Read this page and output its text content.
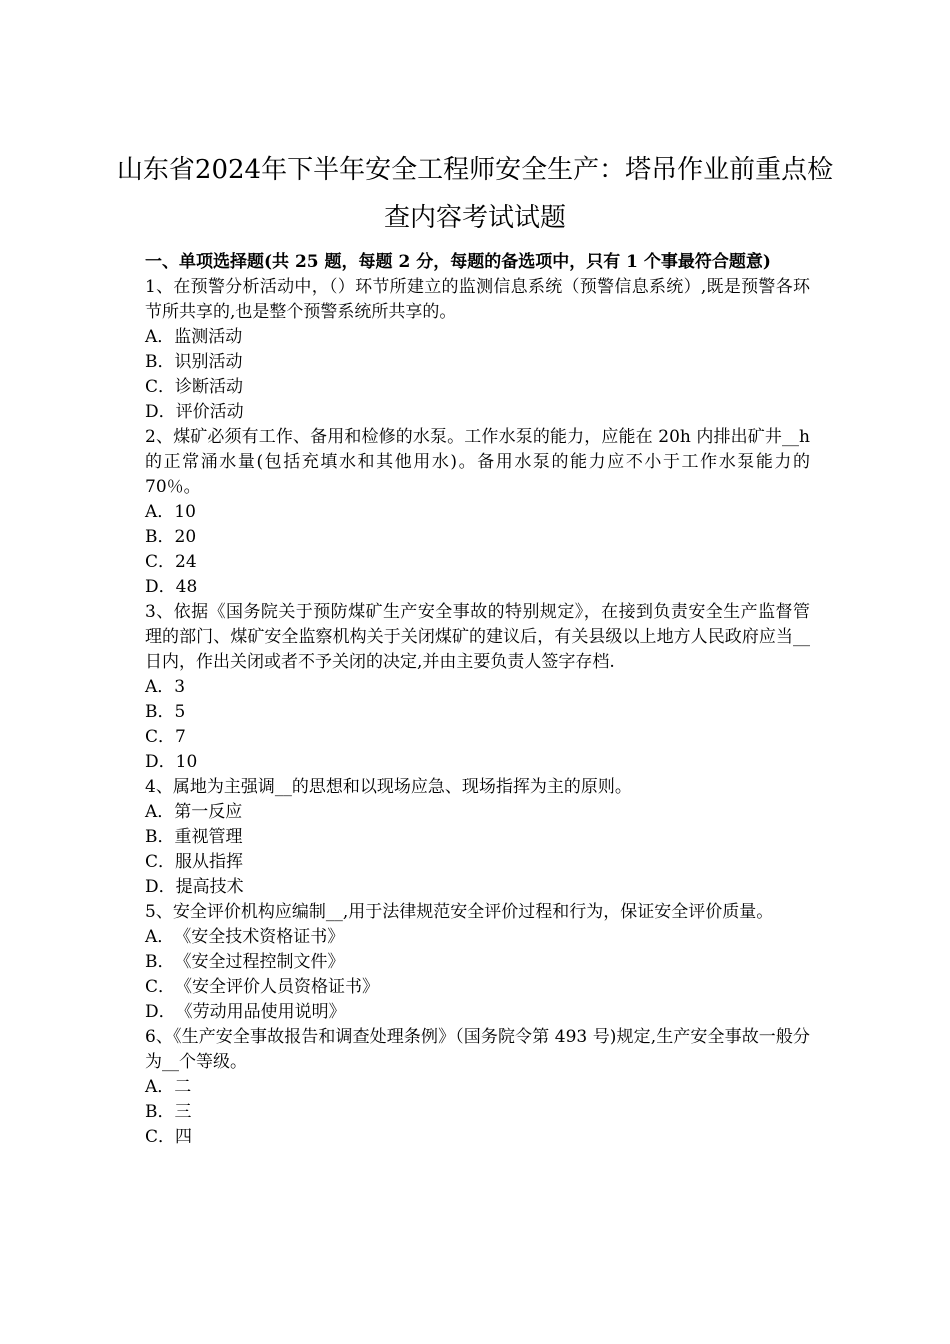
山东省2024年下半年安全工程师安全生产：塔吊作业前重点检查内容考试试题

一、单项选择题(共 25 题，每题 2 分，每题的备选项中，只有 1 个事最符合题意)

1、在预警分析活动中，（）环节所建立的监测信息系统（预警信息系统）,既是预警各环节所共享的,也是整个预警系统所共享的。

A．监测活动

B．识别活动

C．诊断活动

D．评价活动

2、煤矿必须有工作、备用和检修的水泵。工作水泵的能力，应能在 20h 内排出矿井__h 的正常涌水量(包括充填水和其他用水)。备用水泵的能力应不小于工作水泵能力的 70％。

A．10

B．20

C．24

D．48

3、依据《国务院关于预防煤矿生产安全事故的特别规定》，在接到负责安全生产监督管理的部门、煤矿安全监察机构关于关闭煤矿的建议后，有关县级以上地方人民政府应当__日内，作出关闭或者不予关闭的决定,并由主要负责人签字存档.

A．3

B．5

C．7

D．10

4、属地为主强调__的思想和以现场应急、现场指挥为主的原则。

A．第一反应

B．重视管理

C．服从指挥

D．提高技术

5、安全评价机构应编制__,用于法律规范安全评价过程和行为，保证安全评价质量。

A．《安全技术资格证书》

B．《安全过程控制文件》

C．《安全评价人员资格证书》

D．《劳动用品使用说明》

6、《生产安全事故报告和调查处理条例》（国务院令第 493 号)规定,生产安全事故一般分为__个等级。

A．二

B．三

C．四
